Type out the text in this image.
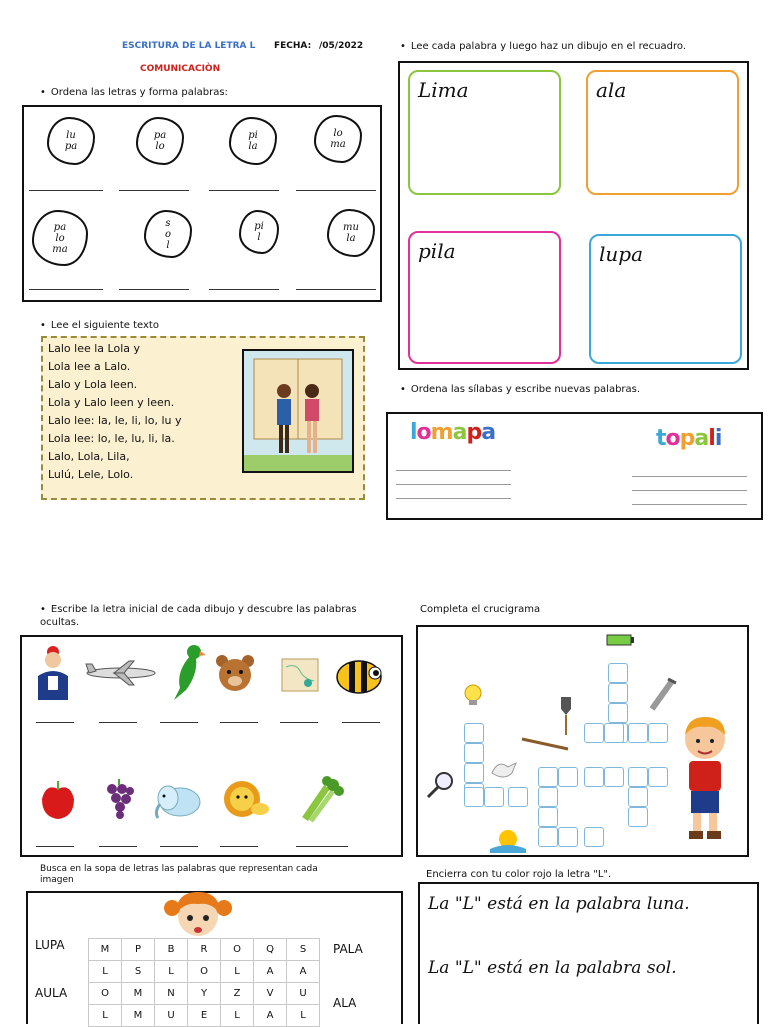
ESCRITURA DE LA LETRA L FECHA: /05/2022
COMUNICACIÒN
• Ordena las letras y forma palabras:
lu
pa
pa
lo
pi
la
lo
ma
pa
lo
ma
s
o
l
pi
l
mu
la
• Lee cada palabra y luego haz un dibujo en el recuadro.
Lima	ala
pila	lupa
• Lee el siguiente texto
Lalo lee la Lola y
Lola lee a Lalo.
Lalo y Lola leen.
Lola y Lalo leen y leen.
Lalo lee: la, le, li, lo, lu y
Lola lee: lo, le, lu, li, la.
Lalo, Lola, Lila,
Lulú, Lele, Lolo.
• Ordena las sílabas y escribe nuevas palabras.
lomapa	topali
• Escribe la letra inicial de cada dibujo y descubre las palabras ocultas.
Completa el crucigrama
Busca en la sopa de letras las palabras que representan cada imagen
LUPA
AULA
PALA
ALA
M	P	B	R	O	Q	S
L	S	L	O	L	A	A
O	M	N	Y	Z	V	U
L	M	U	E	L	A	L
Encierra con tu color rojo la letra "L".
La "L" está en la palabra luna.
La "L" está en la palabra sol.
